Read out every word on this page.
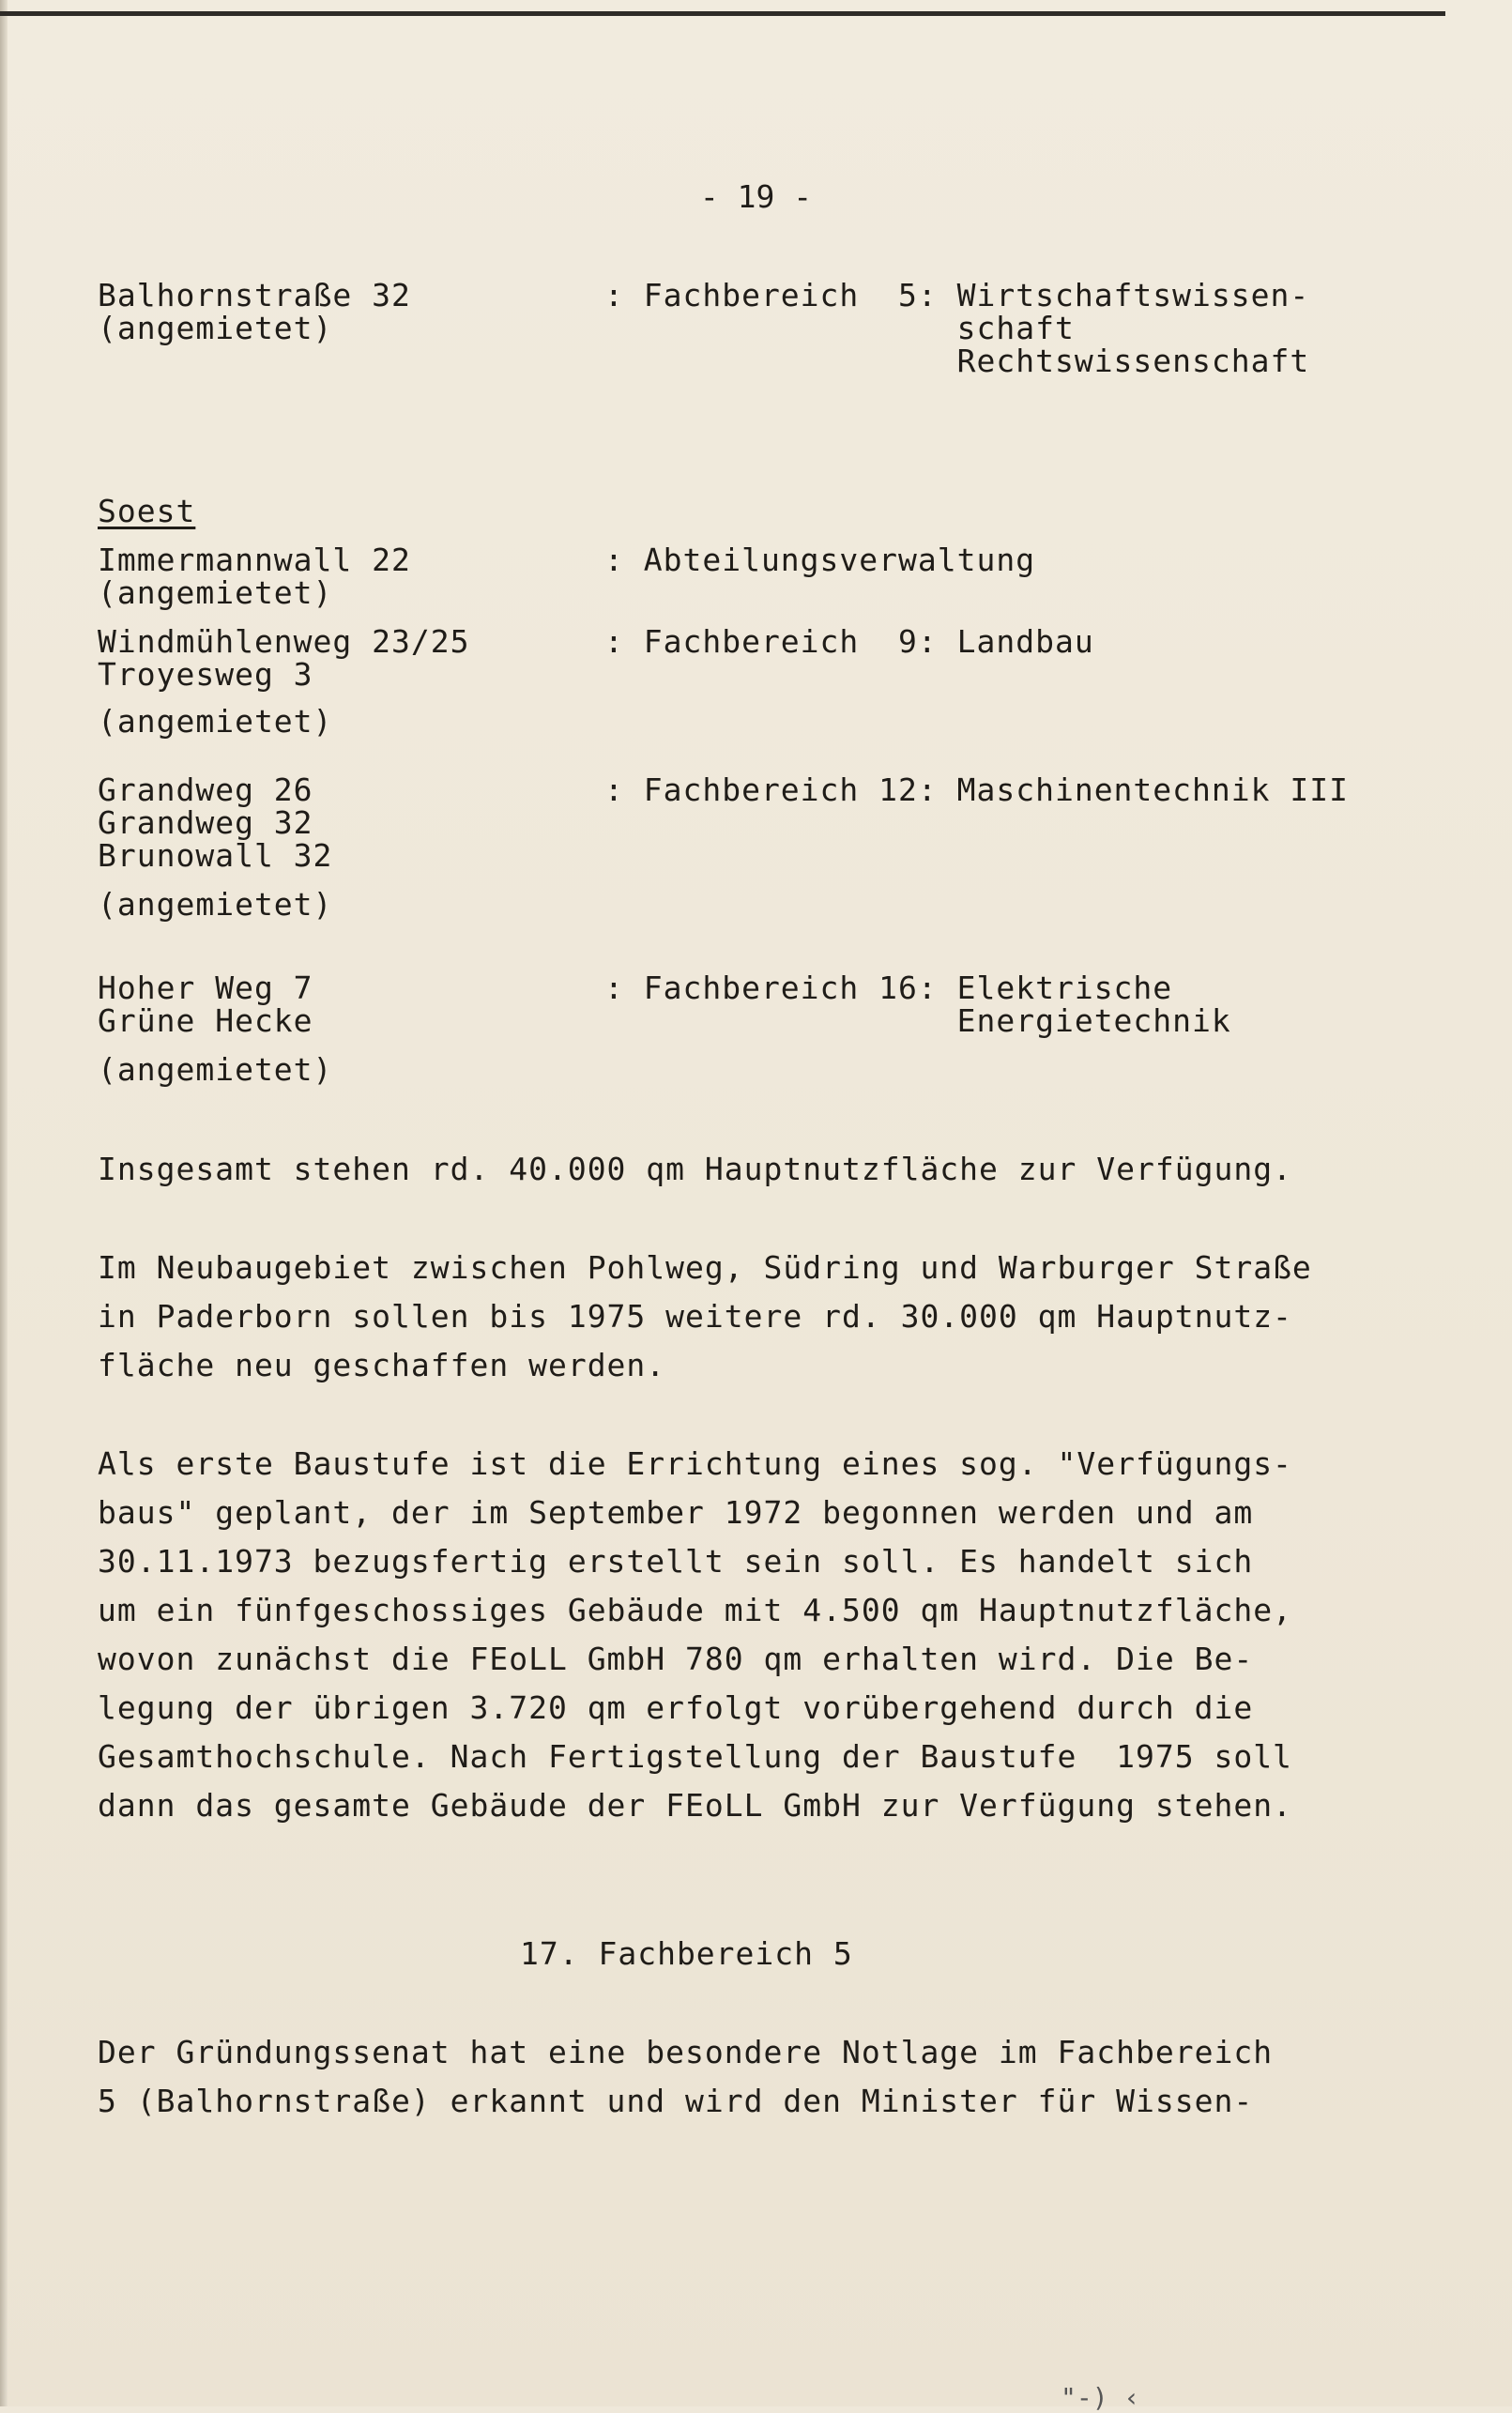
- 19 -
Balhornstraße 32
(angemietet)
: Fachbereich  5: Wirtschaftswissen-
schaft
Rechtswissenschaft
Soest
Immermannwall 22
(angemietet)
: Abteilungsverwaltung
Windmühlenweg 23/25
Troyesweg 3
(angemietet)
: Fachbereich  9: Landbau
Grandweg 26
Grandweg 32
Brunowall 32
(angemietet)
: Fachbereich 12: Maschinentechnik III
Hoher Weg 7
Grüne Hecke
(angemietet)
: Fachbereich 16: Elektrische
Energietechnik
Insgesamt stehen rd. 40.000 qm Hauptnutzfläche zur Verfügung.
Im Neubaugebiet zwischen Pohlweg, Südring und Warburger Straße
in Paderborn sollen bis 1975 weitere rd. 30.000 qm Hauptnutz-
fläche neu geschaffen werden.
Als erste Baustufe ist die Errichtung eines sog. "Verfügungs-
baus" geplant, der im September 1972 begonnen werden und am
30.11.1973 bezugsfertig erstellt sein soll. Es handelt sich
um ein fünfgeschossiges Gebäude mit 4.500 qm Hauptnutzfläche,
wovon zunächst die FEoLL GmbH 780 qm erhalten wird. Die Be-
legung der übrigen 3.720 qm erfolgt vorübergehend durch die
Gesamthochschule. Nach Fertigstellung der Baustufe  1975 soll
dann das gesamte Gebäude der FEoLL GmbH zur Verfügung stehen.
17. Fachbereich 5
Der Gründungssenat hat eine besondere Notlage im Fachbereich
5 (Balhornstraße) erkannt und wird den Minister für Wissen-
"‐) ‹
